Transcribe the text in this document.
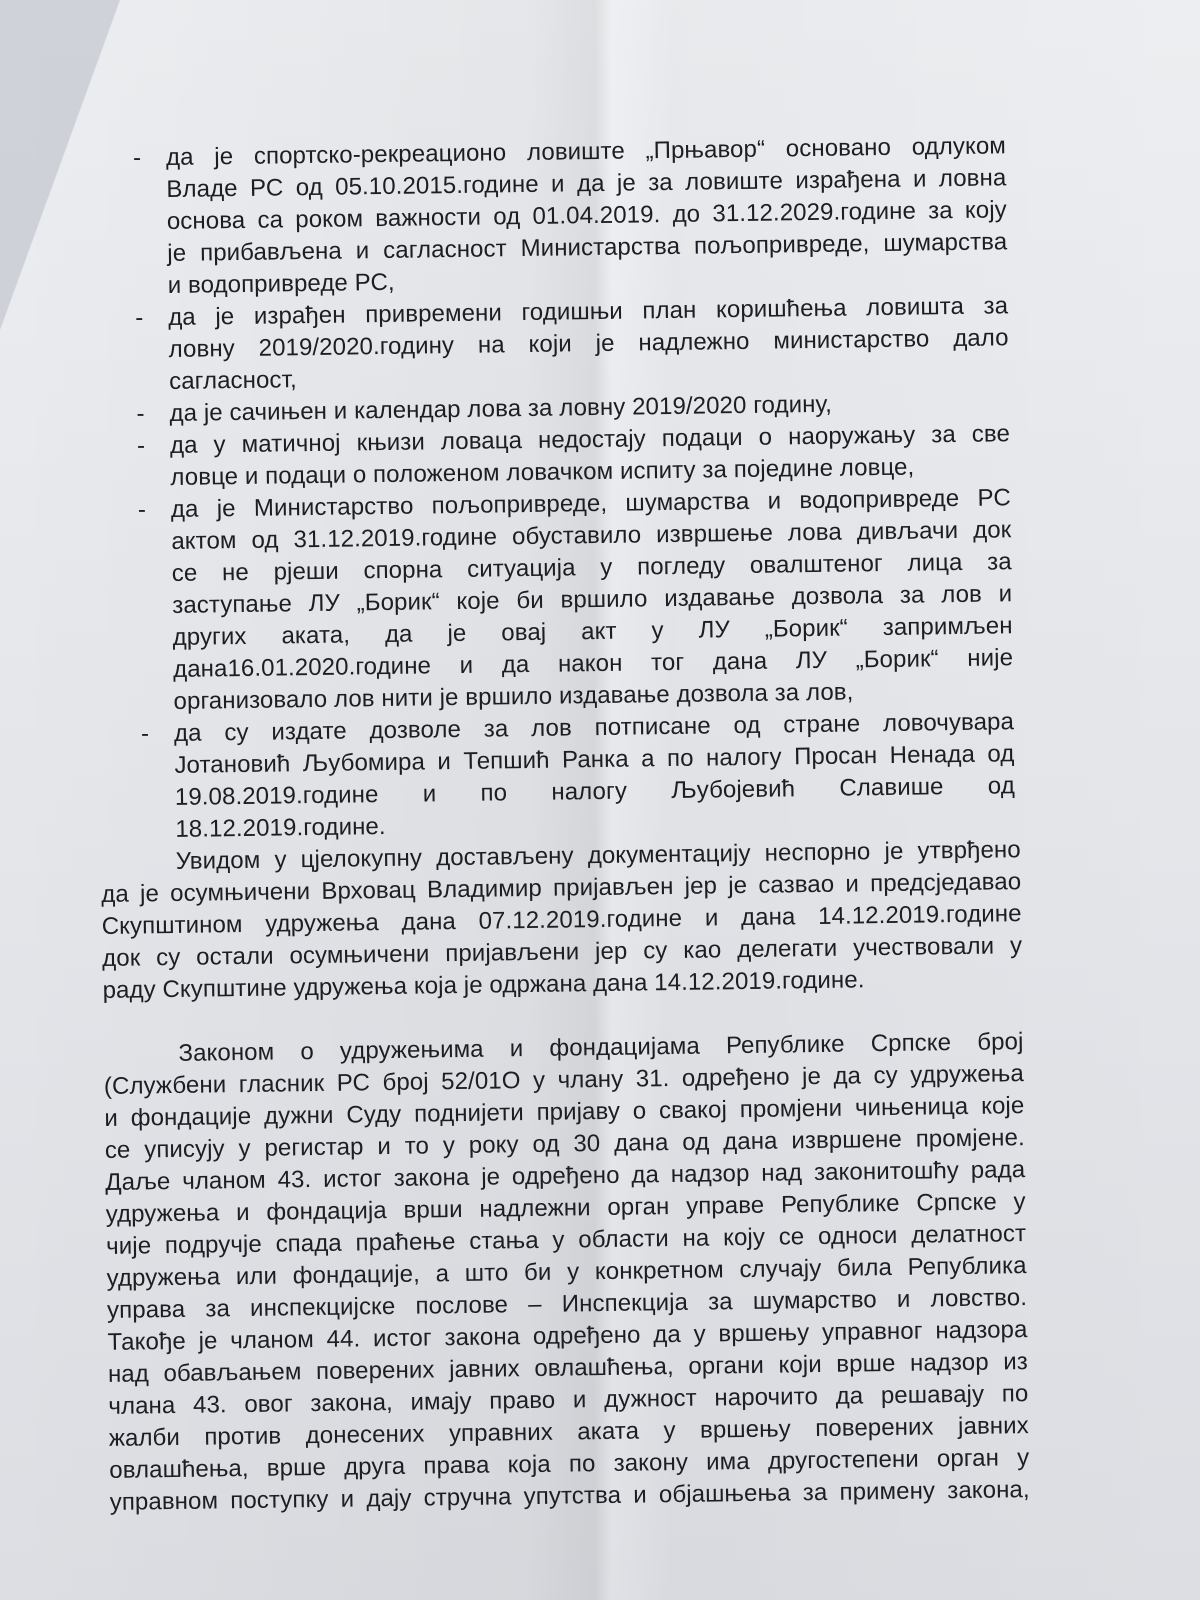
- да је спортско-рекреационо ловиште „Прњавор“ основано одлуком
Владе РС од 05.10.2015.године и да је за ловиште израђена и ловна
основа са роком важности од 01.04.2019. до 31.12.2029.године за коју
је прибављена и сагласност Министарства пољопривреде, шумарства
и водопривреде РС,
- да је израђен привремени годишњи план коришћења ловишта за
ловну 2019/2020.годину на који је надлежно министарство дало
сагласност,
- да је сачињен и календар лова за ловну 2019/2020 годину,
- да у матичној књизи ловаца недостају подаци о наоружању за све
ловце и подаци о положеном ловачком испиту за поједине ловце,
- да је Министарство пољопривреде, шумарства и водопривреде РС
актом од 31.12.2019.године обуставило извршење лова дивљачи док
се не рјеши спорна ситуација у погледу овалштеног лица за
заступање ЛУ „Борик“ које би вршило издавање дозвола за лов и
других аката, да је овај акт у ЛУ „Борик“ запримљен
дана16.01.2020.године и да након тог дана ЛУ „Борик“ није
организовало лов нити је вршило издавање дозвола за лов,
- да су издате дозволе за лов потписане од стране ловочувара
Јотановић Љубомира и Тепшић Ранка а по налогу Просан Ненада од
19.08.2019.године и по налогу Љубојевић Славише од
18.12.2019.године.
Увидом у цјелокупну достављену документацију неспорно је утврђено
да је осумњичени Врховац Владимир пријављен јер је сазвао и предсједавао
Скупштином удружења дана 07.12.2019.године и дана 14.12.2019.године
док су остали осумњичени пријављени јер су као делегати учествовали у
раду Скупштине удружења која је одржана дана 14.12.2019.године.
Законом о удружењима и фондацијама Републике Српске број
(Службени гласник РС број 52/01О у члану 31. одређено је да су удружења
и фондације дужни Суду поднијети пријаву о свакој промјени чињеница које
се уписују у регистар и то у року од 30 дана од дана извршене промјене.
Даље чланом 43. истог закона је одређено да надзор над законитошћу рада
удружења и фондација врши надлежни орган управе Републике Српске у
чије подручје спада праћење стања у области на коју се односи делатност
удружења или фондације, а што би у конкретном случају била Република
управа за инспекцијске послове – Инспекција за шумарство и ловство.
Такође је чланом 44. истог закона одређено да у вршењу управног надзора
над обављањем поверених јавних овлашћења, органи који врше надзор из
члана 43. овог закона, имају право и дужност нарочито да решавају по
жалби против донесених управних аката у вршењу поверених јавних
овлашћења, врше друга права која по закону има другостепени орган у
управном поступку и дају стручна упутства и објашњења за примену закона,
